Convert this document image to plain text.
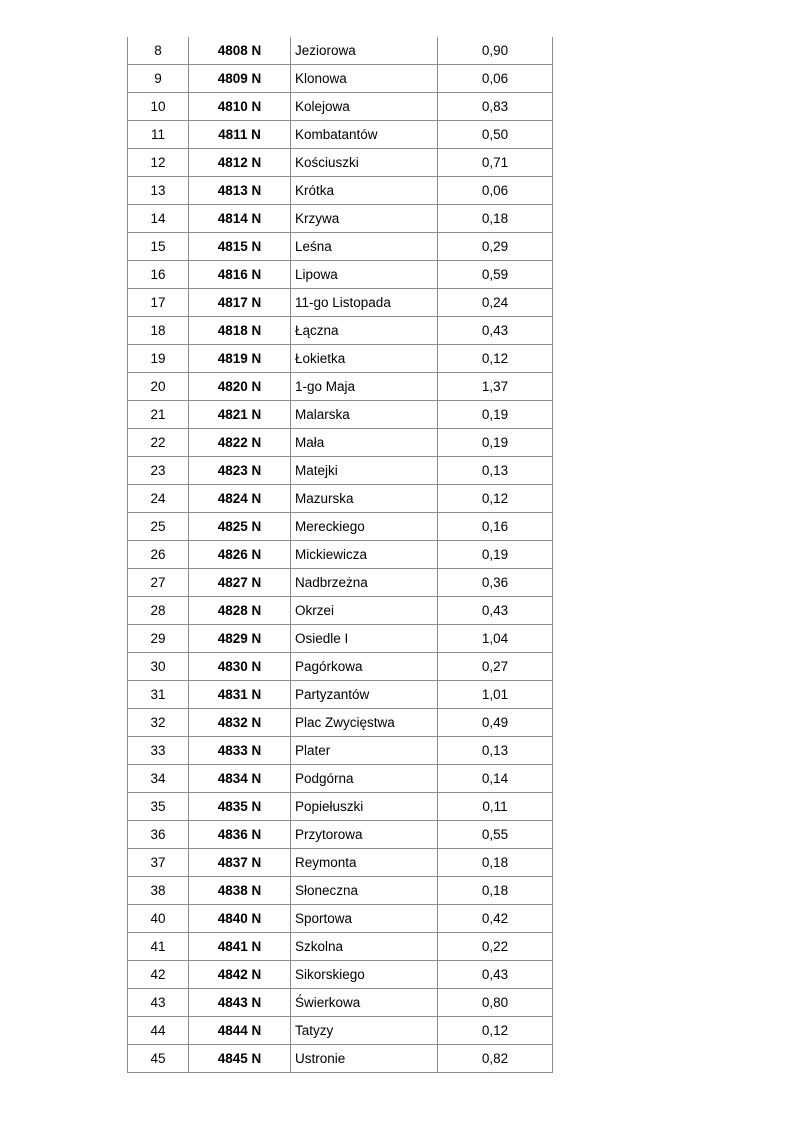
8	4808 N	Jeziorowa	0,90
9	4809 N	Klonowa	0,06
10	4810 N	Kolejowa	0,83
11	4811 N	Kombatantów	0,50
12	4812 N	Kościuszki	0,71
13	4813 N	Krótka	0,06
14	4814 N	Krzywa	0,18
15	4815 N	Leśna	0,29
16	4816 N	Lipowa	0,59
17	4817 N	11-go Listopada	0,24
18	4818 N	Łączna	0,43
19	4819 N	Łokietka	0,12
20	4820 N	1-go Maja	1,37
21	4821 N	Malarska	0,19
22	4822 N	Mała	0,19
23	4823 N	Matejki	0,13
24	4824 N	Mazurska	0,12
25	4825 N	Mereckiego	0,16
26	4826 N	Mickiewicza	0,19
27	4827 N	Nadbrzeżna	0,36
28	4828 N	Okrzei	0,43
29	4829 N	Osiedle I	1,04
30	4830 N	Pagórkowa	0,27
31	4831 N	Partyzantów	1,01
32	4832 N	Plac Zwycięstwa	0,49
33	4833 N	Plater	0,13
34	4834 N	Podgórna	0,14
35	4835 N	Popiełuszki	0,11
36	4836 N	Przytorowa	0,55
37	4837 N	Reymonta	0,18
38	4838 N	Słoneczna	0,18
40	4840 N	Sportowa	0,42
41	4841 N	Szkolna	0,22
42	4842 N	Sikorskiego	0,43
43	4843 N	Świerkowa	0,80
44	4844 N	Tatyzy	0,12
45	4845 N	Ustronie	0,82
